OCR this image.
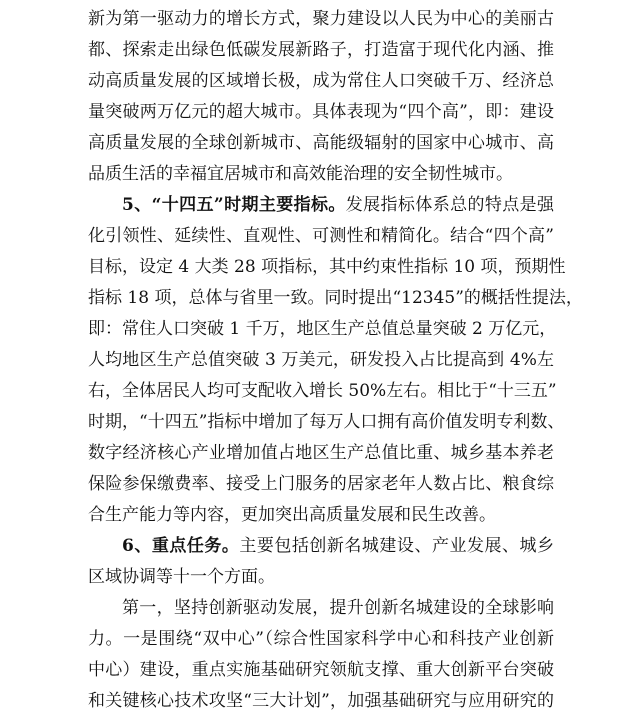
新为第一驱动力的增长方式，聚力建设以人民为中心的美丽古
都、探索走出绿色低碳发展新路子，打造富于现代化内涵、推
动高质量发展的区域增长极，成为常住人口突破千万、经济总
量突破两万亿元的超大城市。具体表现为“四个高”，即：建设
高质量发展的全球创新城市、高能级辐射的国家中心城市、高
品质生活的幸福宜居城市和高效能治理的安全韧性城市。
5、“十四五”时期主要指标。发展指标体系总的特点是强
化引领性、延续性、直观性、可测性和精简化。结合“四个高”
目标，设定 4 大类 28 项指标，其中约束性指标 10 项，预期性
指标 18 项，总体与省里一致。同时提出“12345”的概括性提法，
即：常住人口突破 1 千万，地区生产总值总量突破 2 万亿元，
人均地区生产总值突破 3 万美元，研发投入占比提高到 4%左
右，全体居民人均可支配收入增长 50%左右。相比于“十三五”
时期，“十四五”指标中增加了每万人口拥有高价值发明专利数、
数字经济核心产业增加值占地区生产总值比重、城乡基本养老
保险参保缴费率、接受上门服务的居家老年人数占比、粮食综
合生产能力等内容，更加突出高质量发展和民生改善。
6、重点任务。主要包括创新名城建设、产业发展、城乡
区域协调等十一个方面。
第一，坚持创新驱动发展，提升创新名城建设的全球影响
力。一是围绕“双中心”（综合性国家科学中心和科技产业创新
中心）建设，重点实施基础研究领航支撑、重大创新平台突破
和关键核心技术攻坚“三大计划”，加强基础研究与应用研究的
